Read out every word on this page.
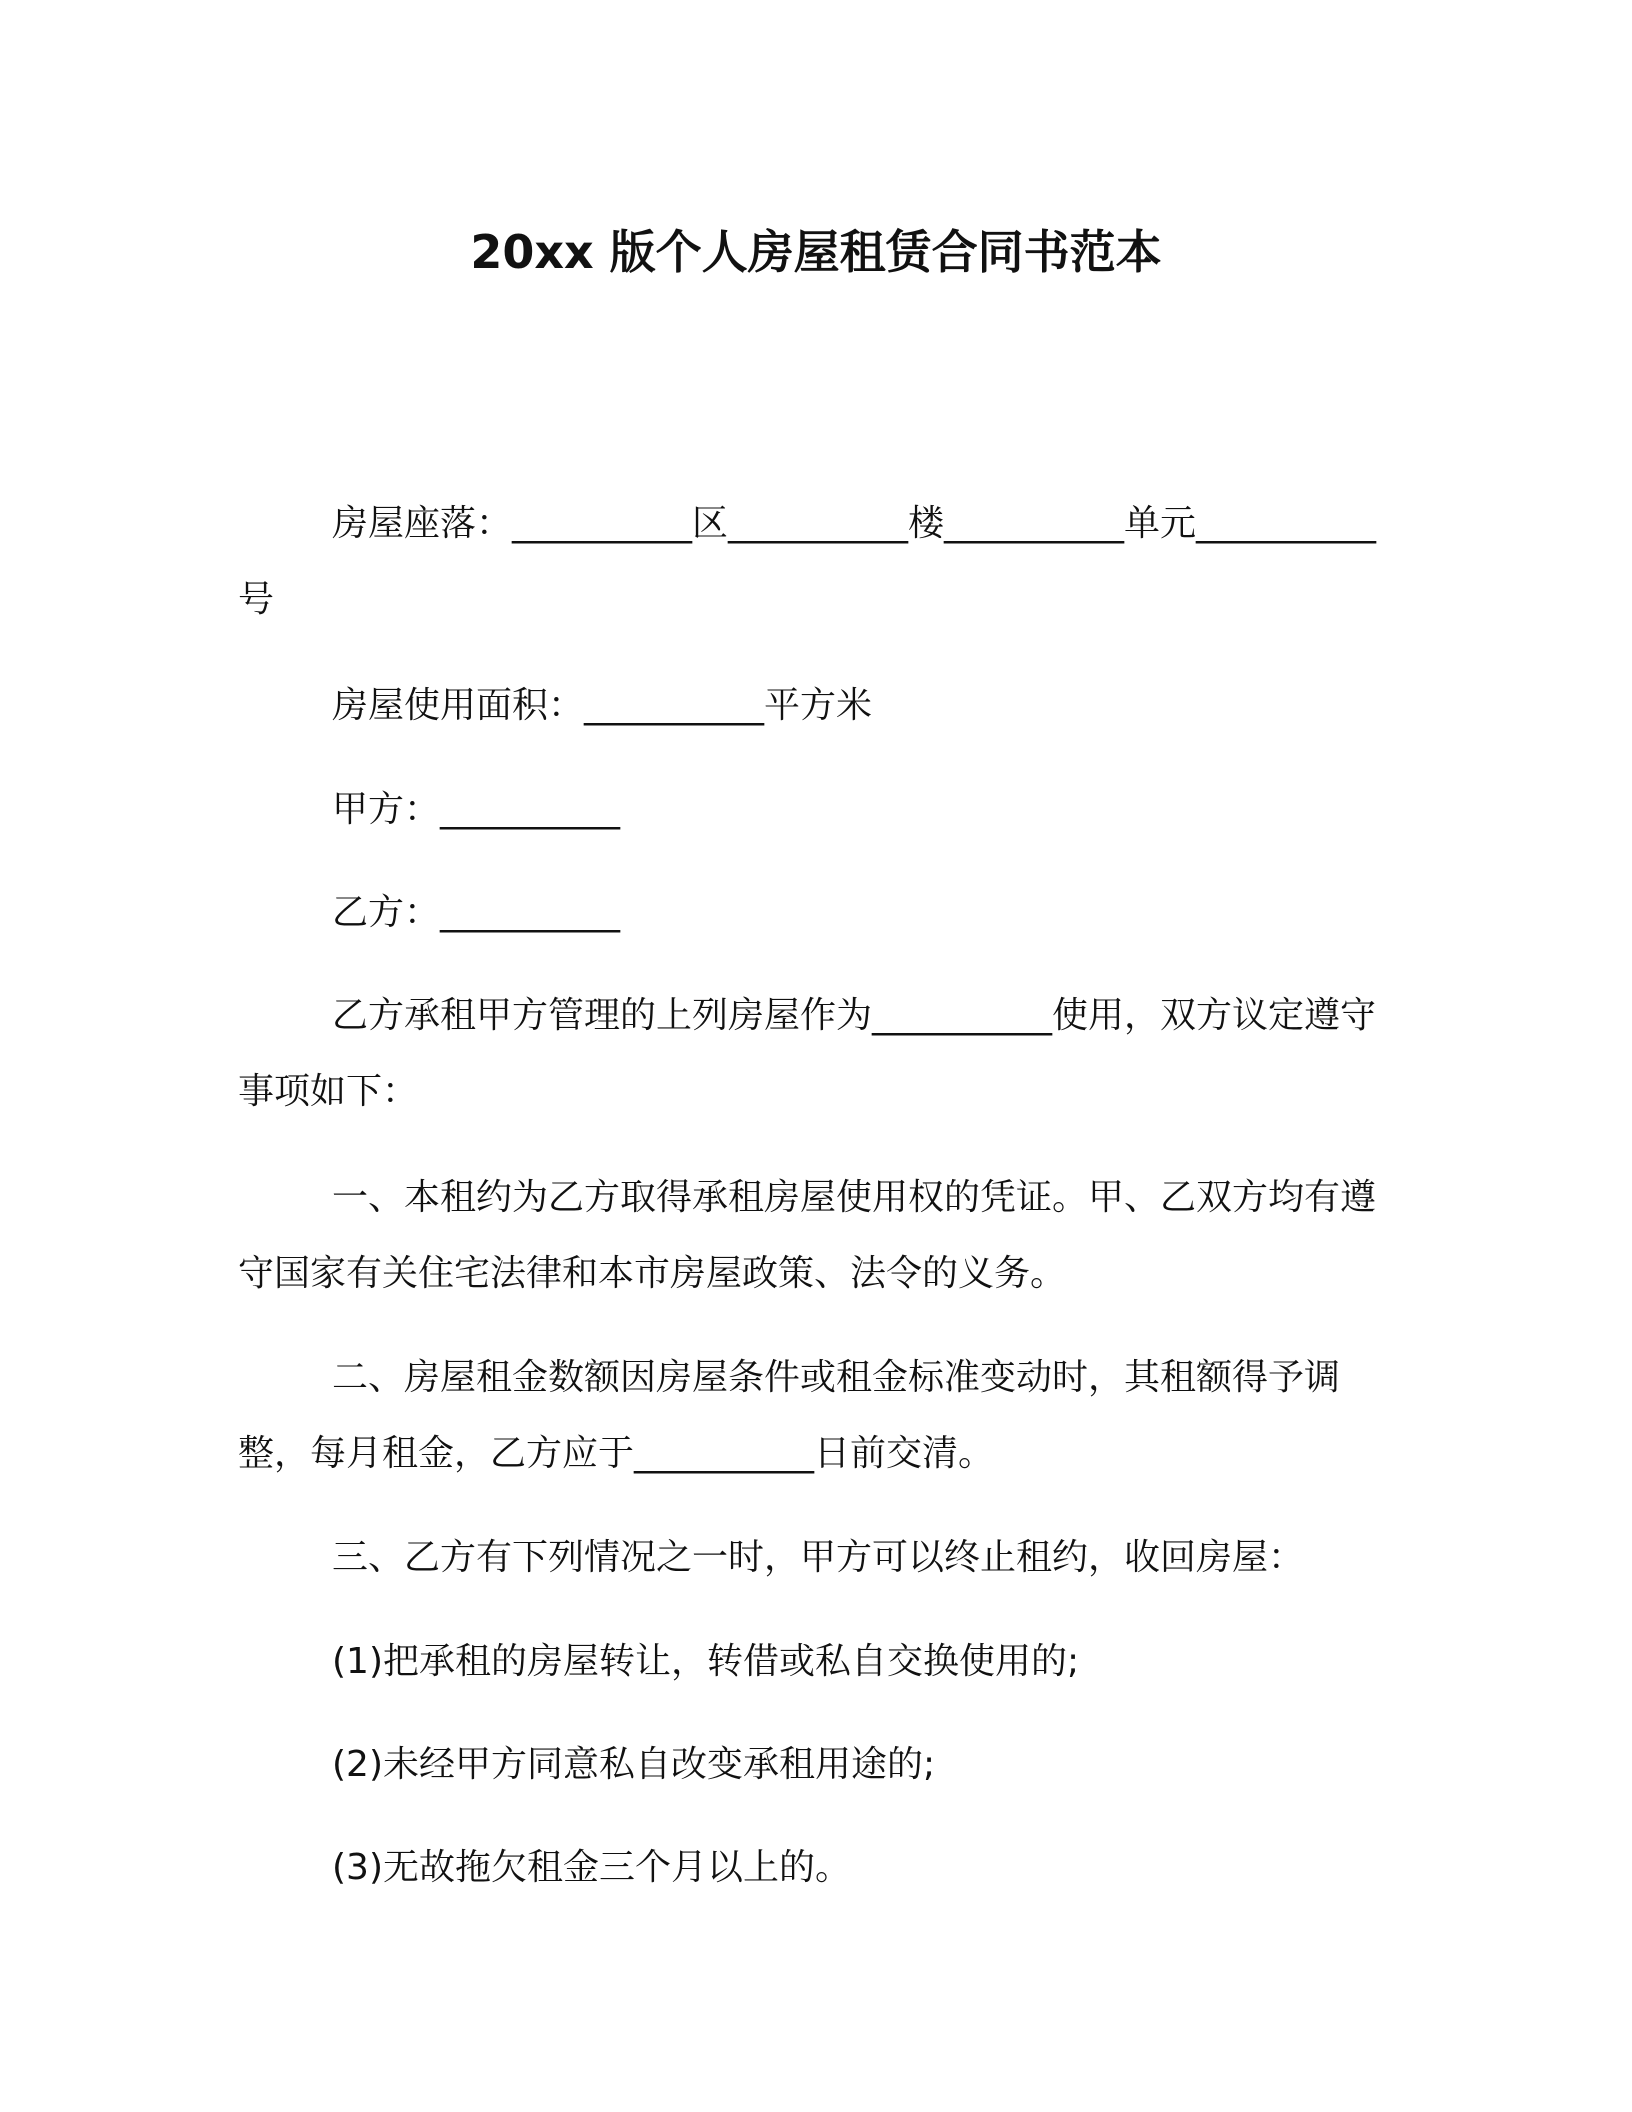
20xx 版个人房屋租赁合同书范本
房屋座落：__________区__________楼__________单元__________号
房屋使用面积：__________平方米
甲方：__________
乙方：__________
乙方承租甲方管理的上列房屋作为__________使用，双方议定遵守事项如下：
一、本租约为乙方取得承租房屋使用权的凭证。甲、乙双方均有遵守国家有关住宅法律和本市房屋政策、法令的义务。
二、房屋租金数额因房屋条件或租金标准变动时，其租额得予调整，每月租金，乙方应于__________日前交清。
三、乙方有下列情况之一时，甲方可以终止租约，收回房屋：
(1)把承租的房屋转让，转借或私自交换使用的;
(2)未经甲方同意私自改变承租用途的;
(3)无故拖欠租金三个月以上的。
